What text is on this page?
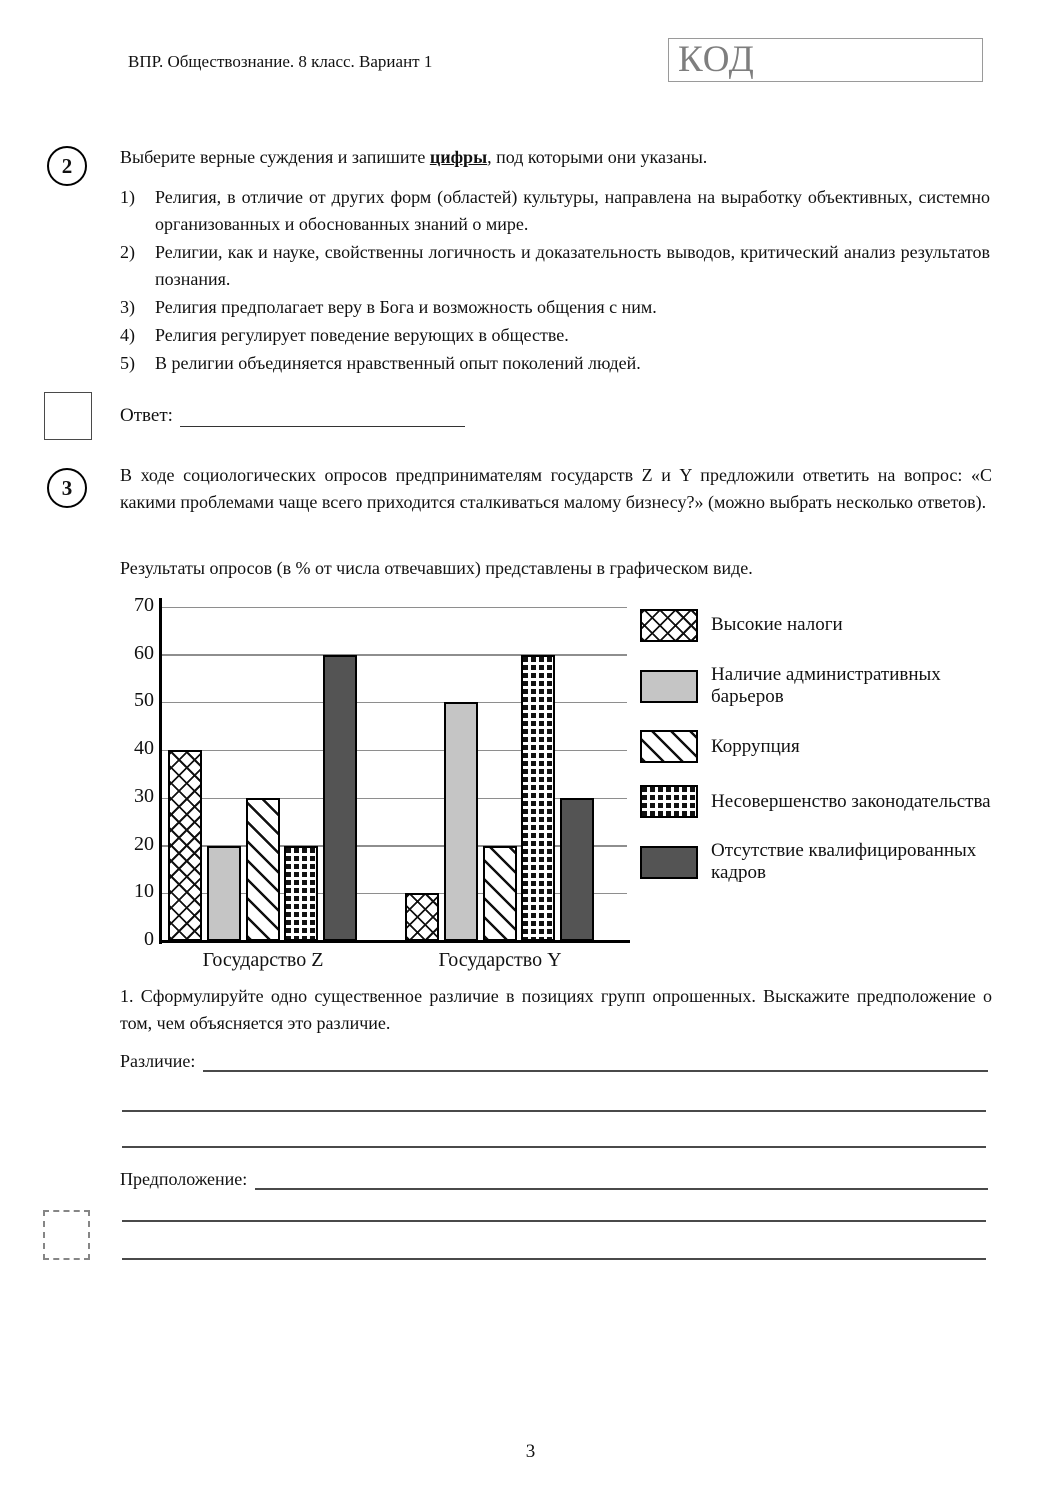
ВПР. Обществознание. 8 класс. Вариант 1	КОД
2	Выберите верные суждения и запишите цифры, под которыми они указаны.
1)	Религия, в отличие от других форм (областей) культуры, направлена на выработку объективных, системно организованных и обоснованных знаний о мире.
2)	Религии, как и науке, свойственны логичность и доказательность выводов, критический анализ результатов познания.
3)	Религия предполагает веру в Бога и возможность общения с ним.
4)	Религия регулирует поведение верующих в обществе.
5)	В религии объединяется нравственный опыт поколений людей.
Ответ:
3
В ходе социологических опросов предпринимателям государств Z и Y предложили ответить на вопрос: «С какими проблемами чаще всего приходится сталкиваться малому бизнесу?» (можно выбрать несколько ответов).
Результаты опросов (в % от числа отвечавших) представлены в графическом виде.
0
10
20
30
40
50
60
70
Государство Z	Государство Y
Высокие налоги
Наличие административных барьеров
Коррупция
Несовершенство законодательства
Отсутствие квалифицированных кадров
1. Сформулируйте одно существенное различие в позициях групп опрошенных. Выскажите предположение о том, чем объясняется это различие.
Различие:
Предположение:
3
